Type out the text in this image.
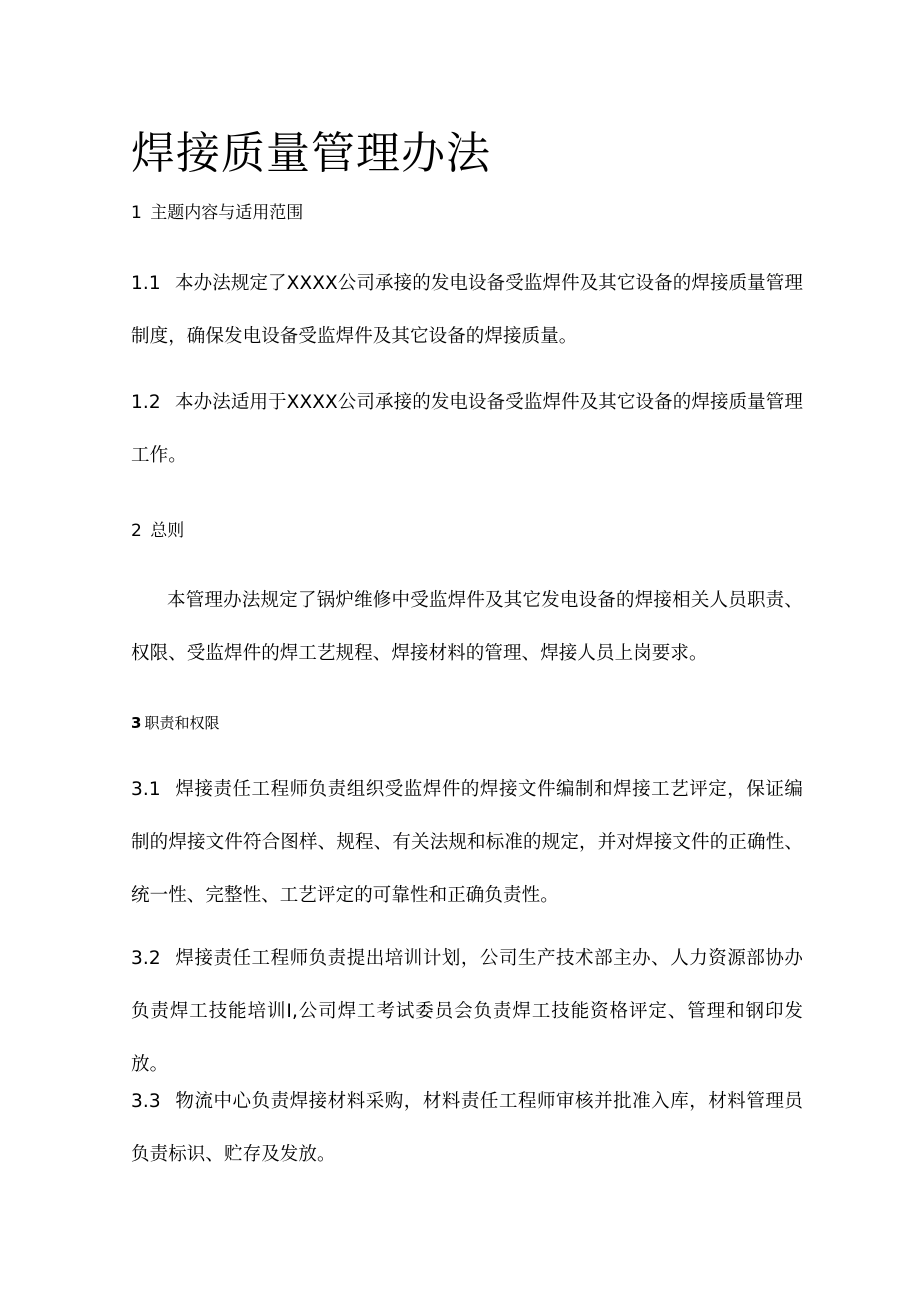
焊接质量管理办法
1 主题内容与适用范围

1.1 本办法规定了XXXX公司承接的发电设备受监焊件及其它设备的焊接质量管理制度，确保发电设备受监焊件及其它设备的焊接质量。

1.2 本办法适用于XXXX公司承接的发电设备受监焊件及其它设备的焊接质量管理工作。

2 总则

本管理办法规定了锅炉维修中受监焊件及其它发电设备的焊接相关人员职责、权限、受监焊件的焊工艺规程、焊接材料的管理、焊接人员上岗要求。

3 职责和权限

3.1 焊接责任工程师负责组织受监焊件的焊接文件编制和焊接工艺评定，保证编制的焊接文件符合图样、规程、有关法规和标准的规定，并对焊接文件的正确性、统一性、完整性、工艺评定的可靠性和正确负责性。

3.2 焊接责任工程师负责提出培训计划，公司生产技术部主办、人力资源部协办负责焊工技能培训I,公司焊工考试委员会负责焊工技能资格评定、管理和钢印发放。

3.3 物流中心负责焊接材料采购，材料责任工程师审核并批准入库，材料管理员负责标识、贮存及发放。
